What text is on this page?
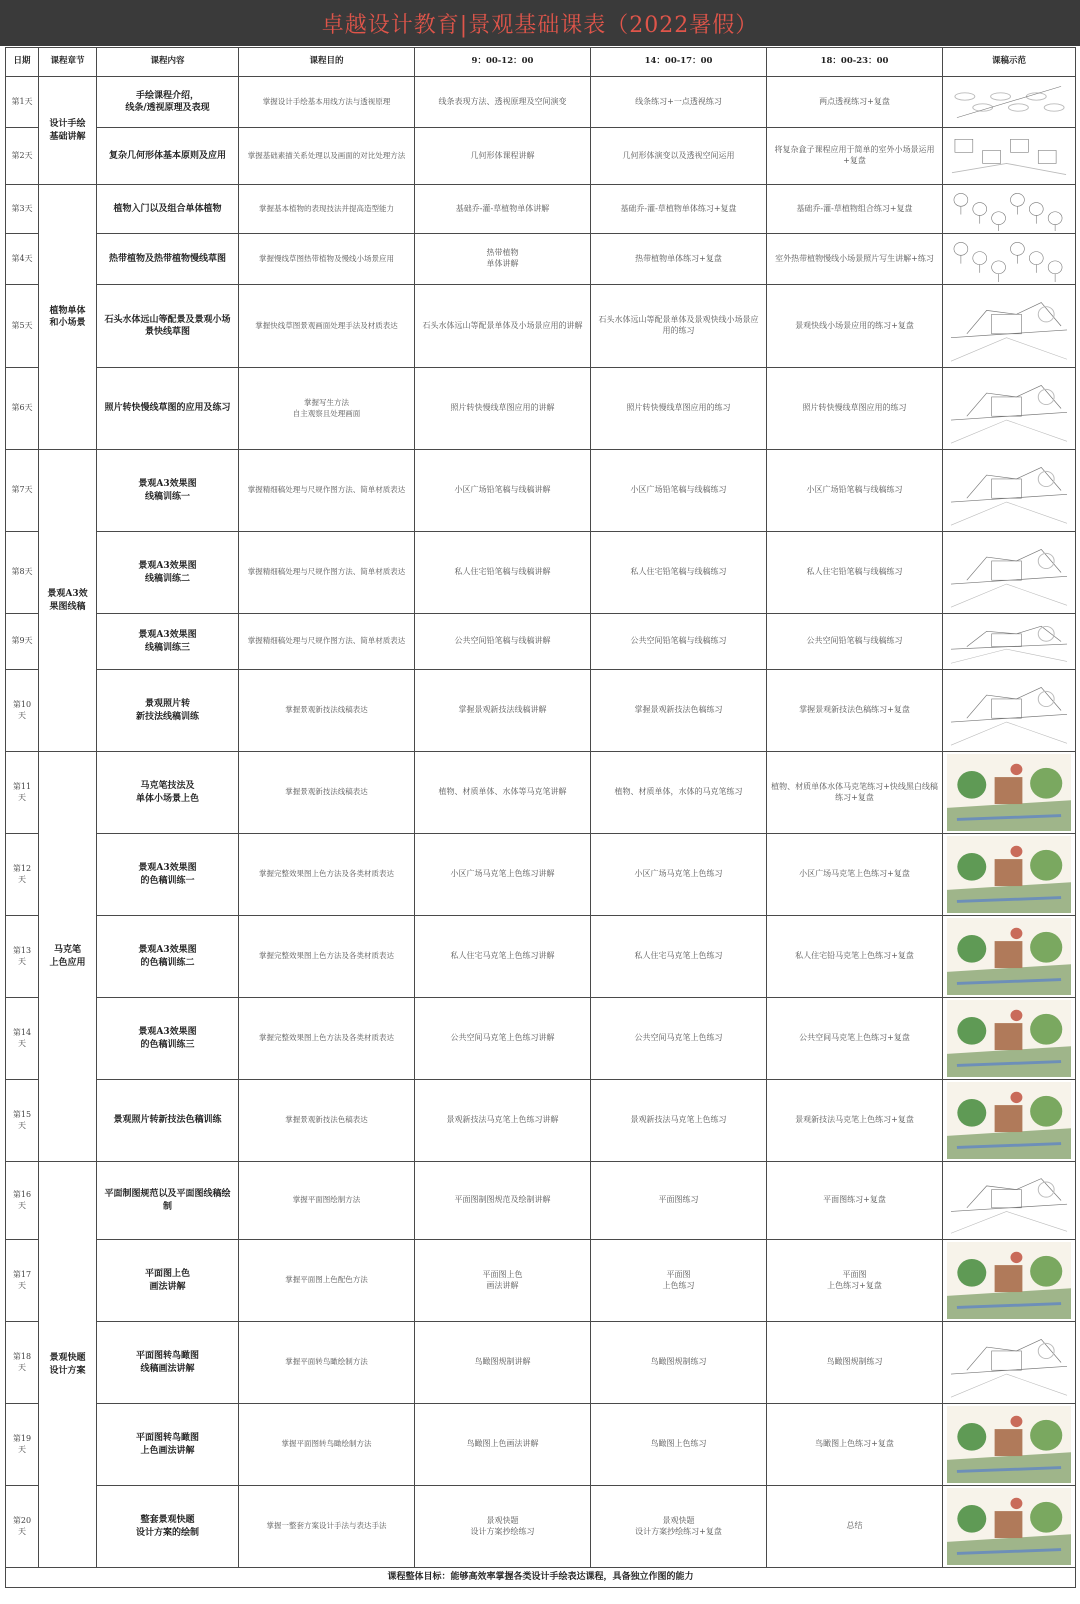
卓越设计教育|景观基础课表（2022暑假）
日期	课程章节	课程内容	课程目的	9：00-12：00	14：00-17：00	18：00-23：00	课稿示范
第1天	设计手绘
基础讲解	手绘课程介绍，
线条/透视原理及表现	掌握设计手绘基本用线方法与透视原理	线条表现方法、透视原理及空间演变	线条练习+一点透视练习	两点透视练习+复盘	

第2天		复杂几何形体基本原则及应用	掌握基础素描关系处理以及画面的对比处理方法	几何形体课程讲解	几何形体演变以及透视空间运用	将复杂盒子课程应用于简单的室外小场景运用+复盘	

第3天	植物单体
和小场景	植物入门以及组合单体植物	掌握基本植物的表现技法并提高造型能力	基础乔-灌-草植物单体讲解	基础乔-灌-草植物单体练习+复盘	基础乔-灌-草植物组合练习+复盘	

第4天		热带植物及热带植物慢线草图	掌握慢线草图热带植物及慢线小场景应用	热带植物
单体讲解	热带植物单体练习+复盘	室外热带植物慢线小场景照片写生讲解+练习	

第5天		石头水体远山等配景及景观小场景快线草图	掌握快线草图景观画面处理手法及材质表达	石头水体远山等配景单体及小场景应用的讲解	石头水体远山等配景单体及景观快线小场景应用的练习	景观快线小场景应用的练习+复盘	

第6天		照片转快慢线草图的应用及练习	掌握写生方法
自主观察且处理画面	照片转快慢线草图应用的讲解	照片转快慢线草图应用的练习	照片转快慢线草图应用的练习	

第7天	景观A3效
果图线稿	景观A3效果图
线稿训练一	掌握精细稿处理与尺规作图方法、简单材质表达	小区广场铅笔稿与线稿讲解	小区广场铅笔稿与线稿练习	小区广场铅笔稿与线稿练习	

第8天		景观A3效果图
线稿训练二	掌握精细稿处理与尺规作图方法、简单材质表达	私人住宅铅笔稿与线稿讲解	私人住宅铅笔稿与线稿练习	私人住宅铅笔稿与线稿练习	

第9天		景观A3效果图
线稿训练三	掌握精细稿处理与尺规作图方法、简单材质表达	公共空间铅笔稿与线稿讲解	公共空间铅笔稿与线稿练习	公共空间铅笔稿与线稿练习	

第10天		景观照片转
新技法线稿训练	掌握景观新技法线稿表达	掌握景观新技法线稿讲解	掌握景观新技法色稿练习	掌握景观新技法色稿练习+复盘	

第11天	马克笔
上色应用	马克笔技法及
单体小场景上色	掌握景观新技法线稿表达	植物、材质单体、水体等马克笔讲解	植物、材质单体，水体的马克笔练习	植物、材质单体水体马克笔练习+快线黑白线稿练习+复盘	

第12天		景观A3效果图
的色稿训练一	掌握完整效果图上色方法及各类材质表达	小区广场马克笔上色练习讲解	小区广场马克笔上色练习	小区广场马克笔上色练习+复盘	

第13天		景观A3效果图
的色稿训练二	掌握完整效果图上色方法及各类材质表达	私人住宅马克笔上色练习讲解	私人住宅马克笔上色练习	私人住宅铅马克笔上色练习+复盘	

第14天		景观A3效果图
的色稿训练三	掌握完整效果图上色方法及各类材质表达	公共空间马克笔上色练习讲解	公共空间马克笔上色练习	公共空间马克笔上色练习+复盘	

第15天		景观照片转新技法色稿训练	掌握景观新技法色稿表达	景观新技法马克笔上色练习讲解	景观新技法马克笔上色练习	景观新技法马克笔上色练习+复盘	

第16天	景观快题
设计方案	平面制图规范以及平面图线稿绘制	掌握平面图绘制方法	平面图制图规范及绘制讲解	平面图练习	平面图练习+复盘	

第17天		平面图上色
画法讲解	掌握平面图上色配色方法	平面图上色
画法讲解	平面图
上色练习	平面图
上色练习+复盘	

第18天		平面图转鸟瞰图
线稿画法讲解	掌握平面转鸟瞰绘制方法	鸟瞰图规制讲解	鸟瞰图规制练习	鸟瞰图规制练习	

第19天		平面图转鸟瞰图
上色画法讲解	掌握平面图转鸟瞰绘制方法	鸟瞰图上色画法讲解	鸟瞰图上色练习	鸟瞰图上色练习+复盘	

第20天		整套景观快题
设计方案的绘制	掌握一整套方案设计手法与表达手法	景观快题
设计方案抄绘练习	景观快题
设计方案抄绘练习+复盘	总结	

课程整体目标：能够高效率掌握各类设计手绘表达课程，具备独立作图的能力							
